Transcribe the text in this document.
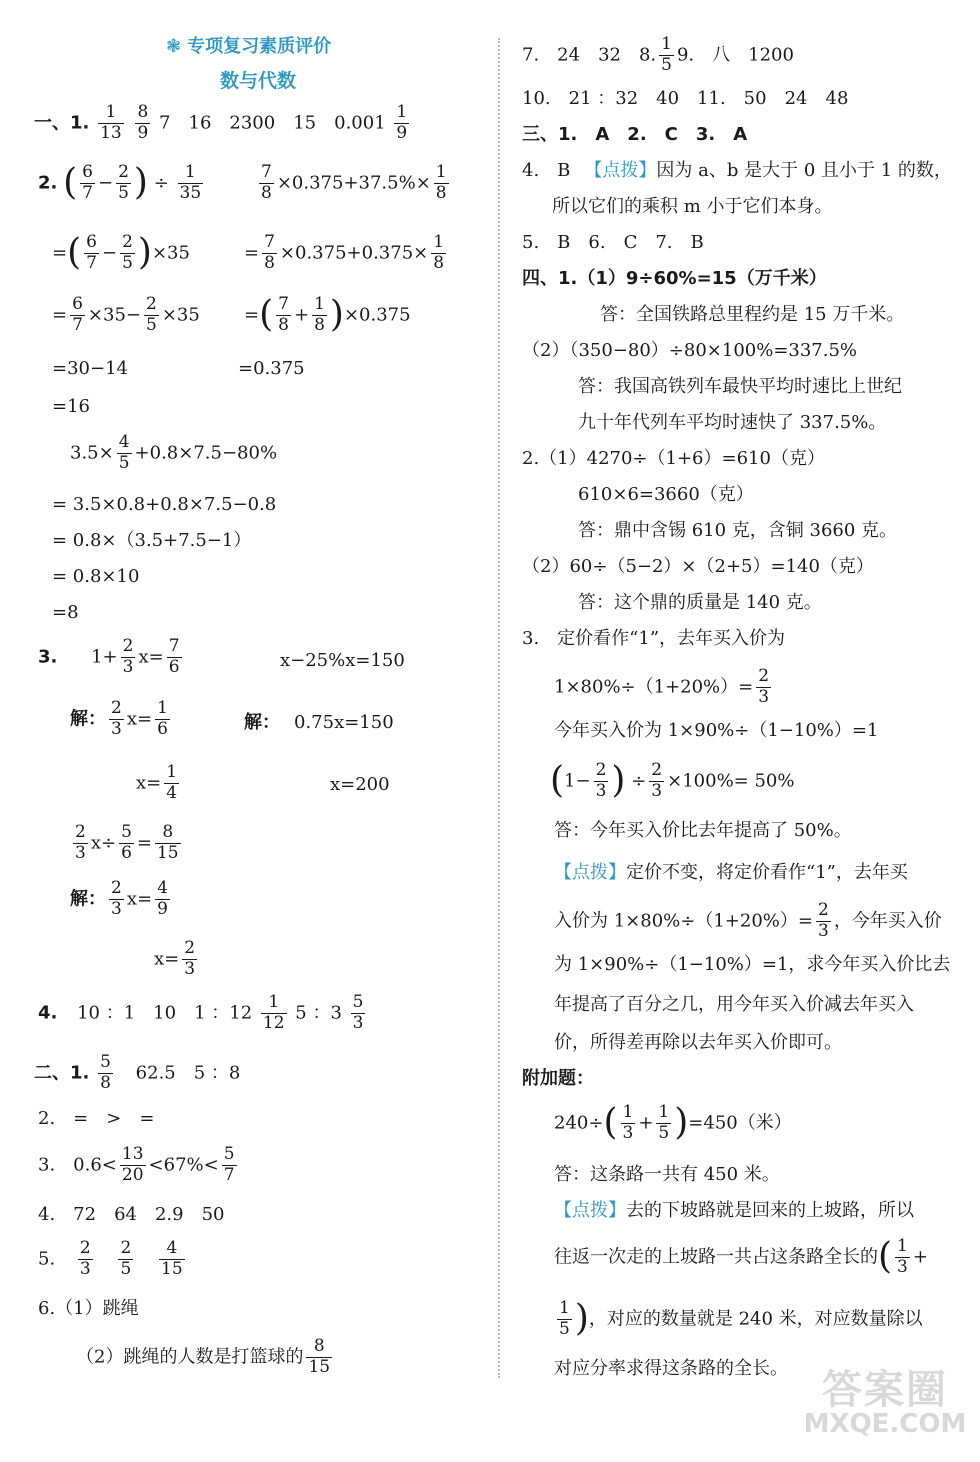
❃ 专项复习素质评价
数与代数
一、1. $\frac{1}{13}$
$\frac{8}{9} 7$　16　2300　15　$0.001 \frac{1}{9}$
2. ( $\frac{6}{7} - \frac{2}{5}$ ) ÷ $\frac{1}{35}$	$\frac{7}{8} \times 0.375+37.5\%\times \frac{1}{8}$
=( $\frac{6}{7} - \frac{2}{5} )\times 35$	= $\frac{7}{8} \times 0.375+0.375\times \frac{1}{8}$
= $\frac{6}{7} \times 35- \frac{2}{5} \times 35$ =( $\frac{7}{8} + \frac{1}{8} )\times 0.375$
=30−14	=0.375
=16
$3.5\times \frac{4}{5} +0.8\times 7.5-80\%$
= 3.5×0.8+0.8×7.5−0.8
= 0.8×（3.5+7.5−1）
= 0.8×10
=8
3. $1+ \frac{2}{3} x= \frac{7}{6}$	x−25%x=150
解： $\frac{2}{3} x= \frac{1}{6}$	解： 0.75x=150
$x= \frac{1}{4}$	x=200
$\frac{2}{3} x\div \frac{5}{6} = \frac{8}{15}$
解： $\frac{2}{3} x= \frac{4}{9}$
$x= \frac{2}{3}$
4. 10 ：1　10　1 ：$12 \frac{1}{12} 5$ ：$3 \frac{5}{3}$
二、1. $\frac{5}{8} 62.5$　5 ：8
2.　=　>　=
3.　$0.6< \frac{13}{20} <67\%< \frac{5}{7}$
4.　72　64　2.9　50
5. $\frac{2}{3}$
$\frac{2}{5}$
$\frac{4}{15}$
6.（1）跳绳
（2）跳绳的人数是打篮球的 $\frac{8}{15}$
7.　24　32　8. $\frac{1}{5} 9$.　八　1200
10.　21 ：32　40　11.　50　24　48
三、1.　A　2.　C　3.　A
4.　B 【点拨】因为 a、b 是大于 0 且小于 1 的数，
所以它们的乘积 m 小于它们本身。
5.　B　6.　C　7.　B
四、1.（1）9÷60%=15（万千米）
答：全国铁路总里程约是 15 万千米。
（2）（350−80）÷80×100%=337.5%
答：我国高铁列车最快平均时速比上世纪
九十年代列车平均时速快了 337.5%。
2.（1）4270÷（1+6）=610（克）
610×6=3660（克）
答：鼎中含锡 610 克，含铜 3660 克。
（2）60÷（5−2）×（2+5）=140（克）
答：这个鼎的质量是 140 克。
3.　定价看作“1”，去年买入价为
$1\times 80\%\div(1+20\%)= \frac{2}{3}$
今年买入价为 1×90%÷（1−10%）=1
($1- \frac{2}{3}$ ) ÷ $\frac{2}{3} \times 100\%= 50\%$
答：今年买入价比去年提高了 50%。
【点拨】定价不变，将定价看作“1”，去年买
入价为 $1\times 80\%\div(1+20\%)= \frac{2}{3}$ ，今年买入价
为 1×90%÷（1−10%）=1，求今年买入价比去
年提高了百分之几，用今年买入价减去年买入
价，所得差再除以去年买入价即可。
附加题：
$240\div( \frac{1}{3} + \frac{1}{5} )=450$（米）
答：这条路一共有 450 米。
【点拨】去的下坡路就是回来的上坡路，所以
往返一次走的上坡路一共占这条路全长的( $\frac{1}{3}$ +
$\frac{1}{5}$ )，对应的数量就是 240 米，对应数量除以
对应分率求得这条路的全长。 答案圈
MXQE.COM
